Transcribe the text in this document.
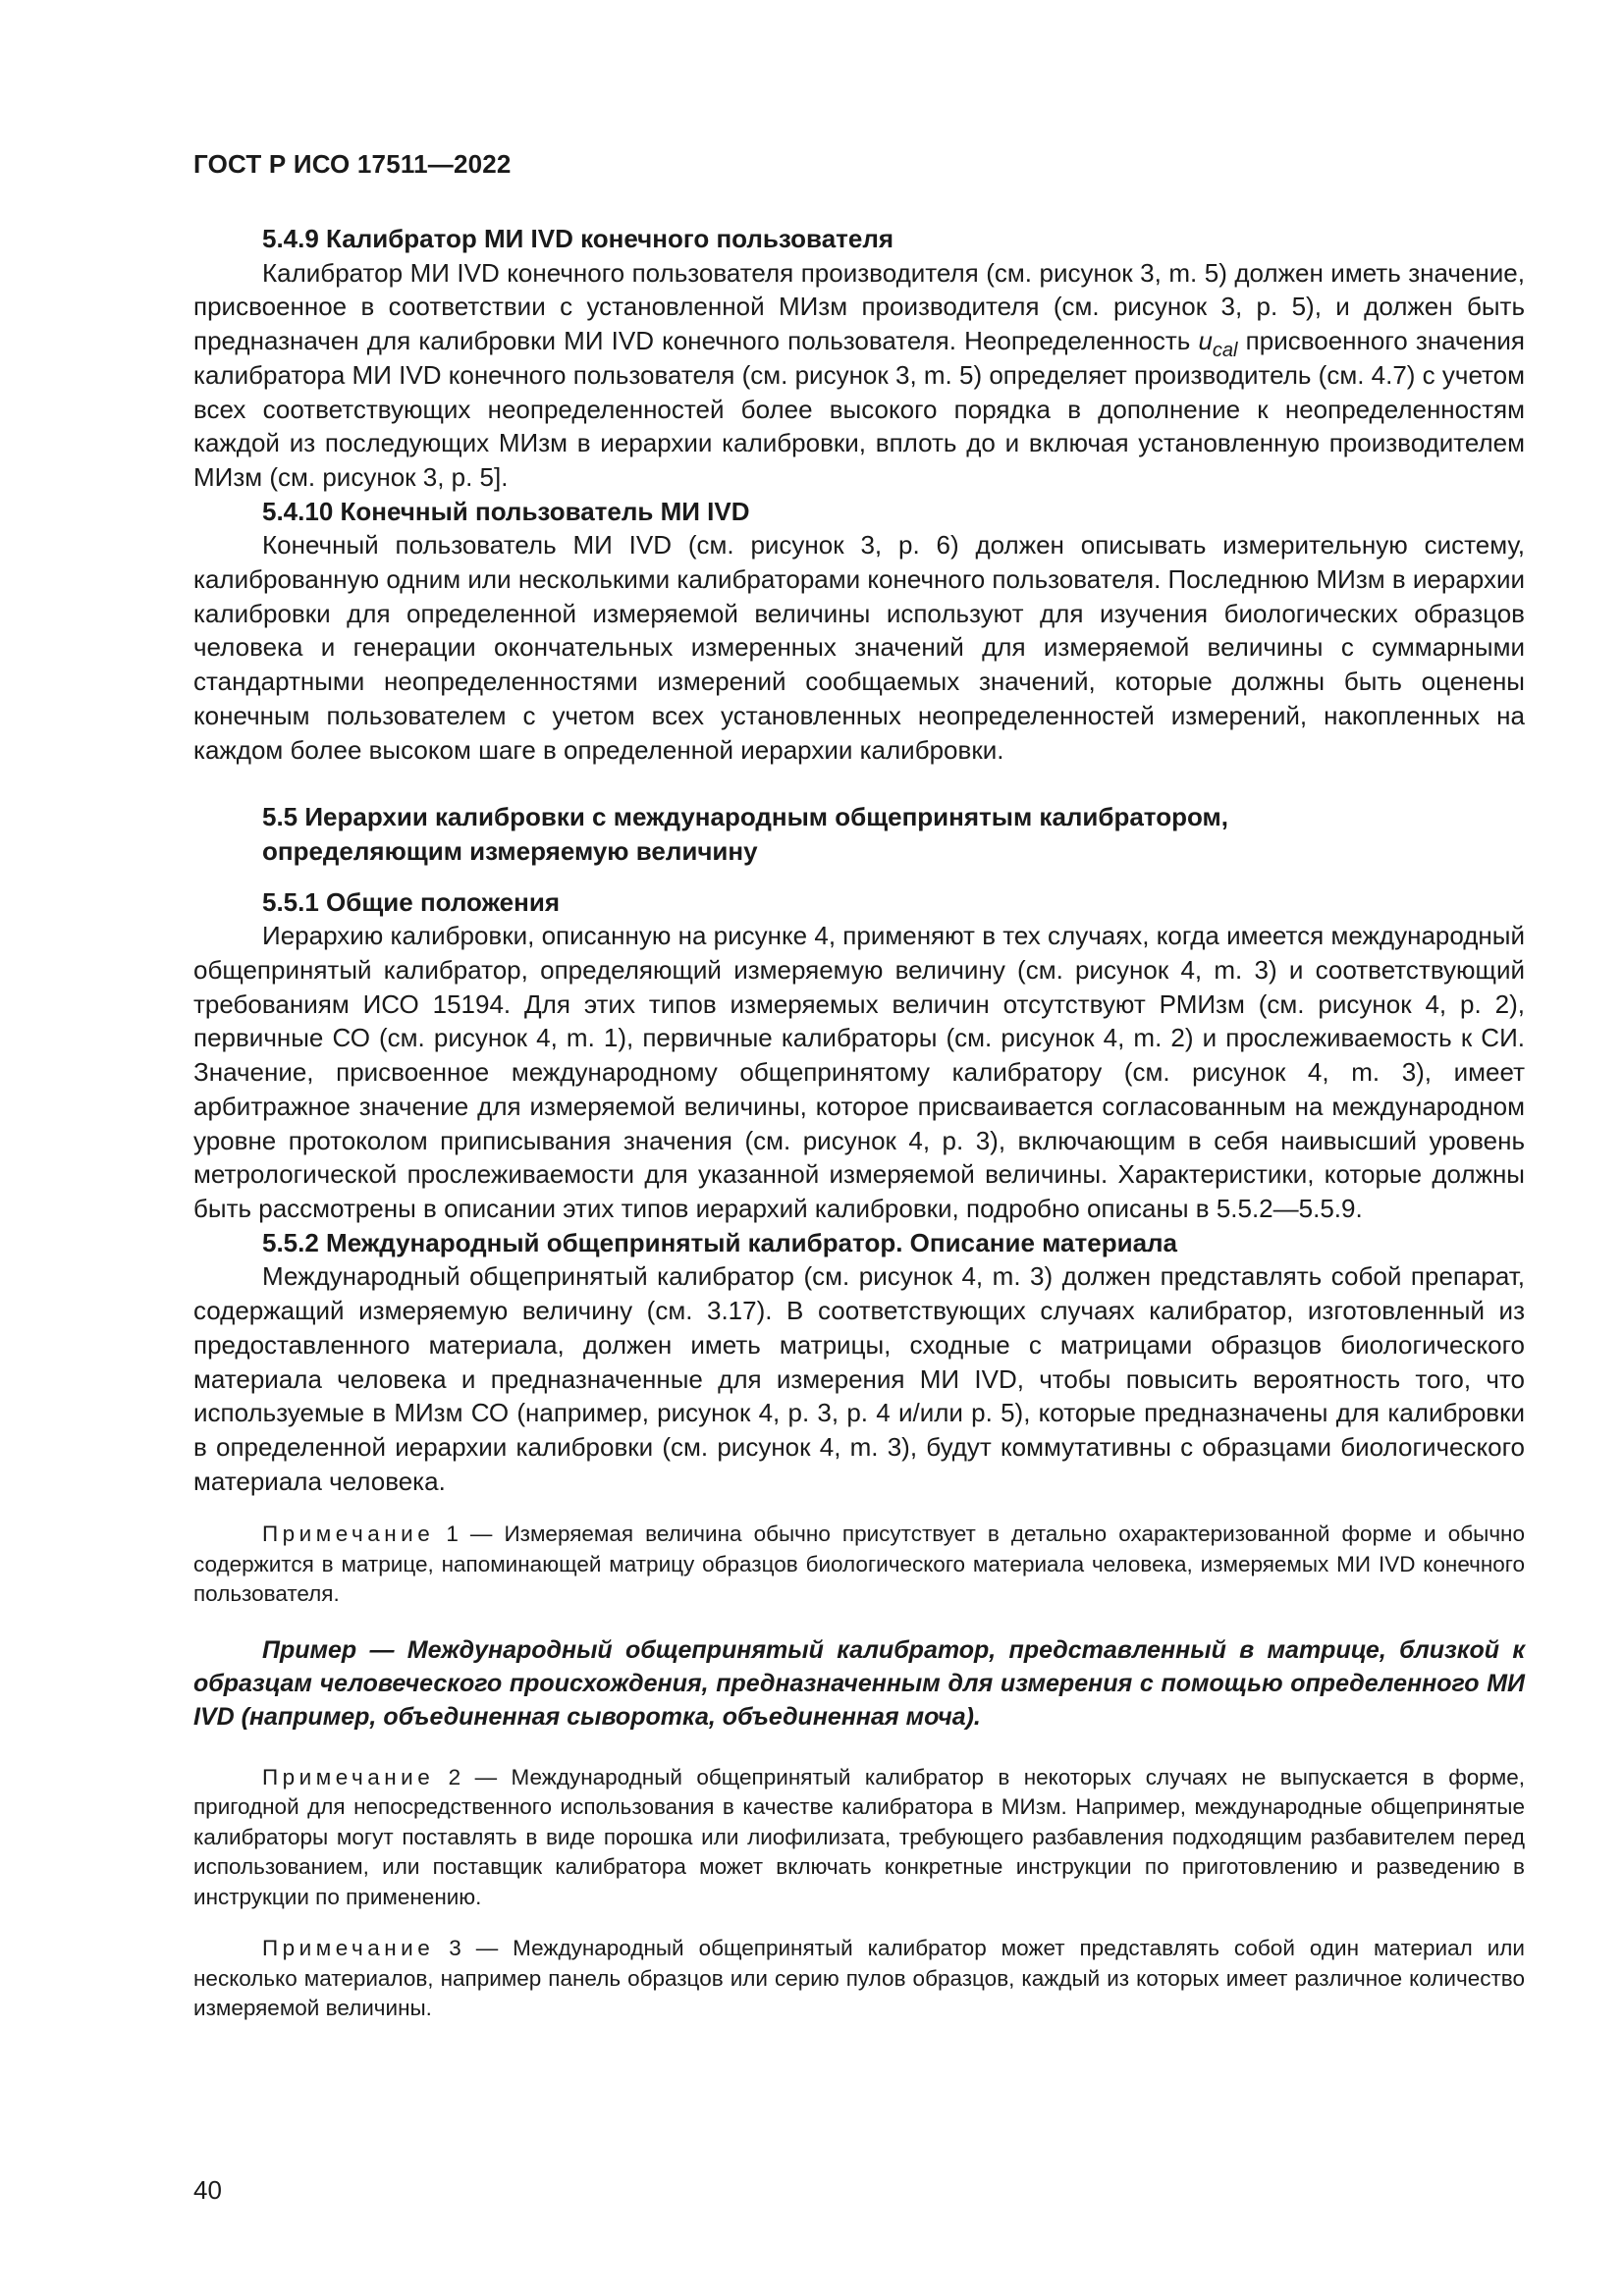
ГОСТ Р ИСО 17511—2022

5.4.9 Калибратор МИ IVD конечного пользователя

Калибратор МИ IVD конечного пользователя производителя (см. рисунок 3, m. 5) должен иметь значение, присвоенное в соответствии с установленной МИзм производителя (см. рисунок 3, р. 5), и должен быть предназначен для калибровки МИ IVD конечного пользователя. Неопределенность $u_{cal}$ присвоенного значения калибратора МИ IVD конечного пользователя (см. рисунок 3, m. 5) определяет производитель (см. 4.7) с учетом всех соответствующих неопределенностей более высокого порядка в дополнение к неопределенностям каждой из последующих МИзм в иерархии калибровки, вплоть до и включая установленную производителем МИзм (см. рисунок 3, р. 5].

5.4.10 Конечный пользователь МИ IVD

Конечный пользователь МИ IVD (см. рисунок 3, р. 6) должен описывать измерительную систему, калиброванную одним или несколькими калибраторами конечного пользователя. Последнюю МИзм в иерархии калибровки для определенной измеряемой величины используют для изучения биологических образцов человека и генерации окончательных измеренных значений для измеряемой величины с суммарными стандартными неопределенностями измерений сообщаемых значений, которые должны быть оценены конечным пользователем с учетом всех установленных неопределенностей измерений, накопленных на каждом более высоком шаге в определенной иерархии калибровки.

5.5 Иерархии калибровки с международным общепринятым калибратором,

определяющим измеряемую величину

5.5.1 Общие положения

Иерархию калибровки, описанную на рисунке 4, применяют в тех случаях, когда имеется международный общепринятый калибратор, определяющий измеряемую величину (см. рисунок 4, m. 3) и соответствующий требованиям ИСО 15194. Для этих типов измеряемых величин отсутствуют РМИзм (см. рисунок 4, р. 2), первичные СО (см. рисунок 4, m. 1), первичные калибраторы (см. рисунок 4, m. 2) и прослеживаемость к СИ. Значение, присвоенное международному общепринятому калибратору (см. рисунок 4, m. 3), имеет арбитражное значение для измеряемой величины, которое присваивается согласованным на международном уровне протоколом приписывания значения (см. рисунок 4, р. 3), включающим в себя наивысший уровень метрологической прослеживаемости для указанной измеряемой величины. Характеристики, которые должны быть рассмотрены в описании этих типов иерархий калибровки, подробно описаны в 5.5.2—5.5.9.

5.5.2 Международный общепринятый калибратор. Описание материала

Международный общепринятый калибратор (см. рисунок 4, m. 3) должен представлять собой препарат, содержащий измеряемую величину (см. 3.17). В соответствующих случаях калибратор, изготовленный из предоставленного материала, должен иметь матрицы, сходные с матрицами образцов биологического материала человека и предназначенные для измерения МИ IVD, чтобы повысить вероятность того, что используемые в МИзм СО (например, рисунок 4, р. 3, р. 4 и/или р. 5), которые предназначены для калибровки в определенной иерархии калибровки (см. рисунок 4, m. 3), будут коммутативны с образцами биологического материала человека.

Примечание 1 — Измеряемая величина обычно присутствует в детально охарактеризованной форме и обычно содержится в матрице, напоминающей матрицу образцов биологического материала человека, измеряемых МИ IVD конечного пользователя.

Пример — Международный общепринятый калибратор, представленный в матрице, близкой к образцам человеческого происхождения, предназначенным для измерения с помощью определенного МИ IVD (например, объединенная сыворотка, объединенная моча).

Примечание 2 — Международный общепринятый калибратор в некоторых случаях не выпускается в форме, пригодной для непосредственного использования в качестве калибратора в МИзм. Например, международные общепринятые калибраторы могут поставлять в виде порошка или лиофилизата, требующего разбавления подходящим разбавителем перед использованием, или поставщик калибратора может включать конкретные инструкции по приготовлению и разведению в инструкции по применению.

Примечание 3 — Международный общепринятый калибратор может представлять собой один материал или несколько материалов, например панель образцов или серию пулов образцов, каждый из которых имеет различное количество измеряемой величины.

40
